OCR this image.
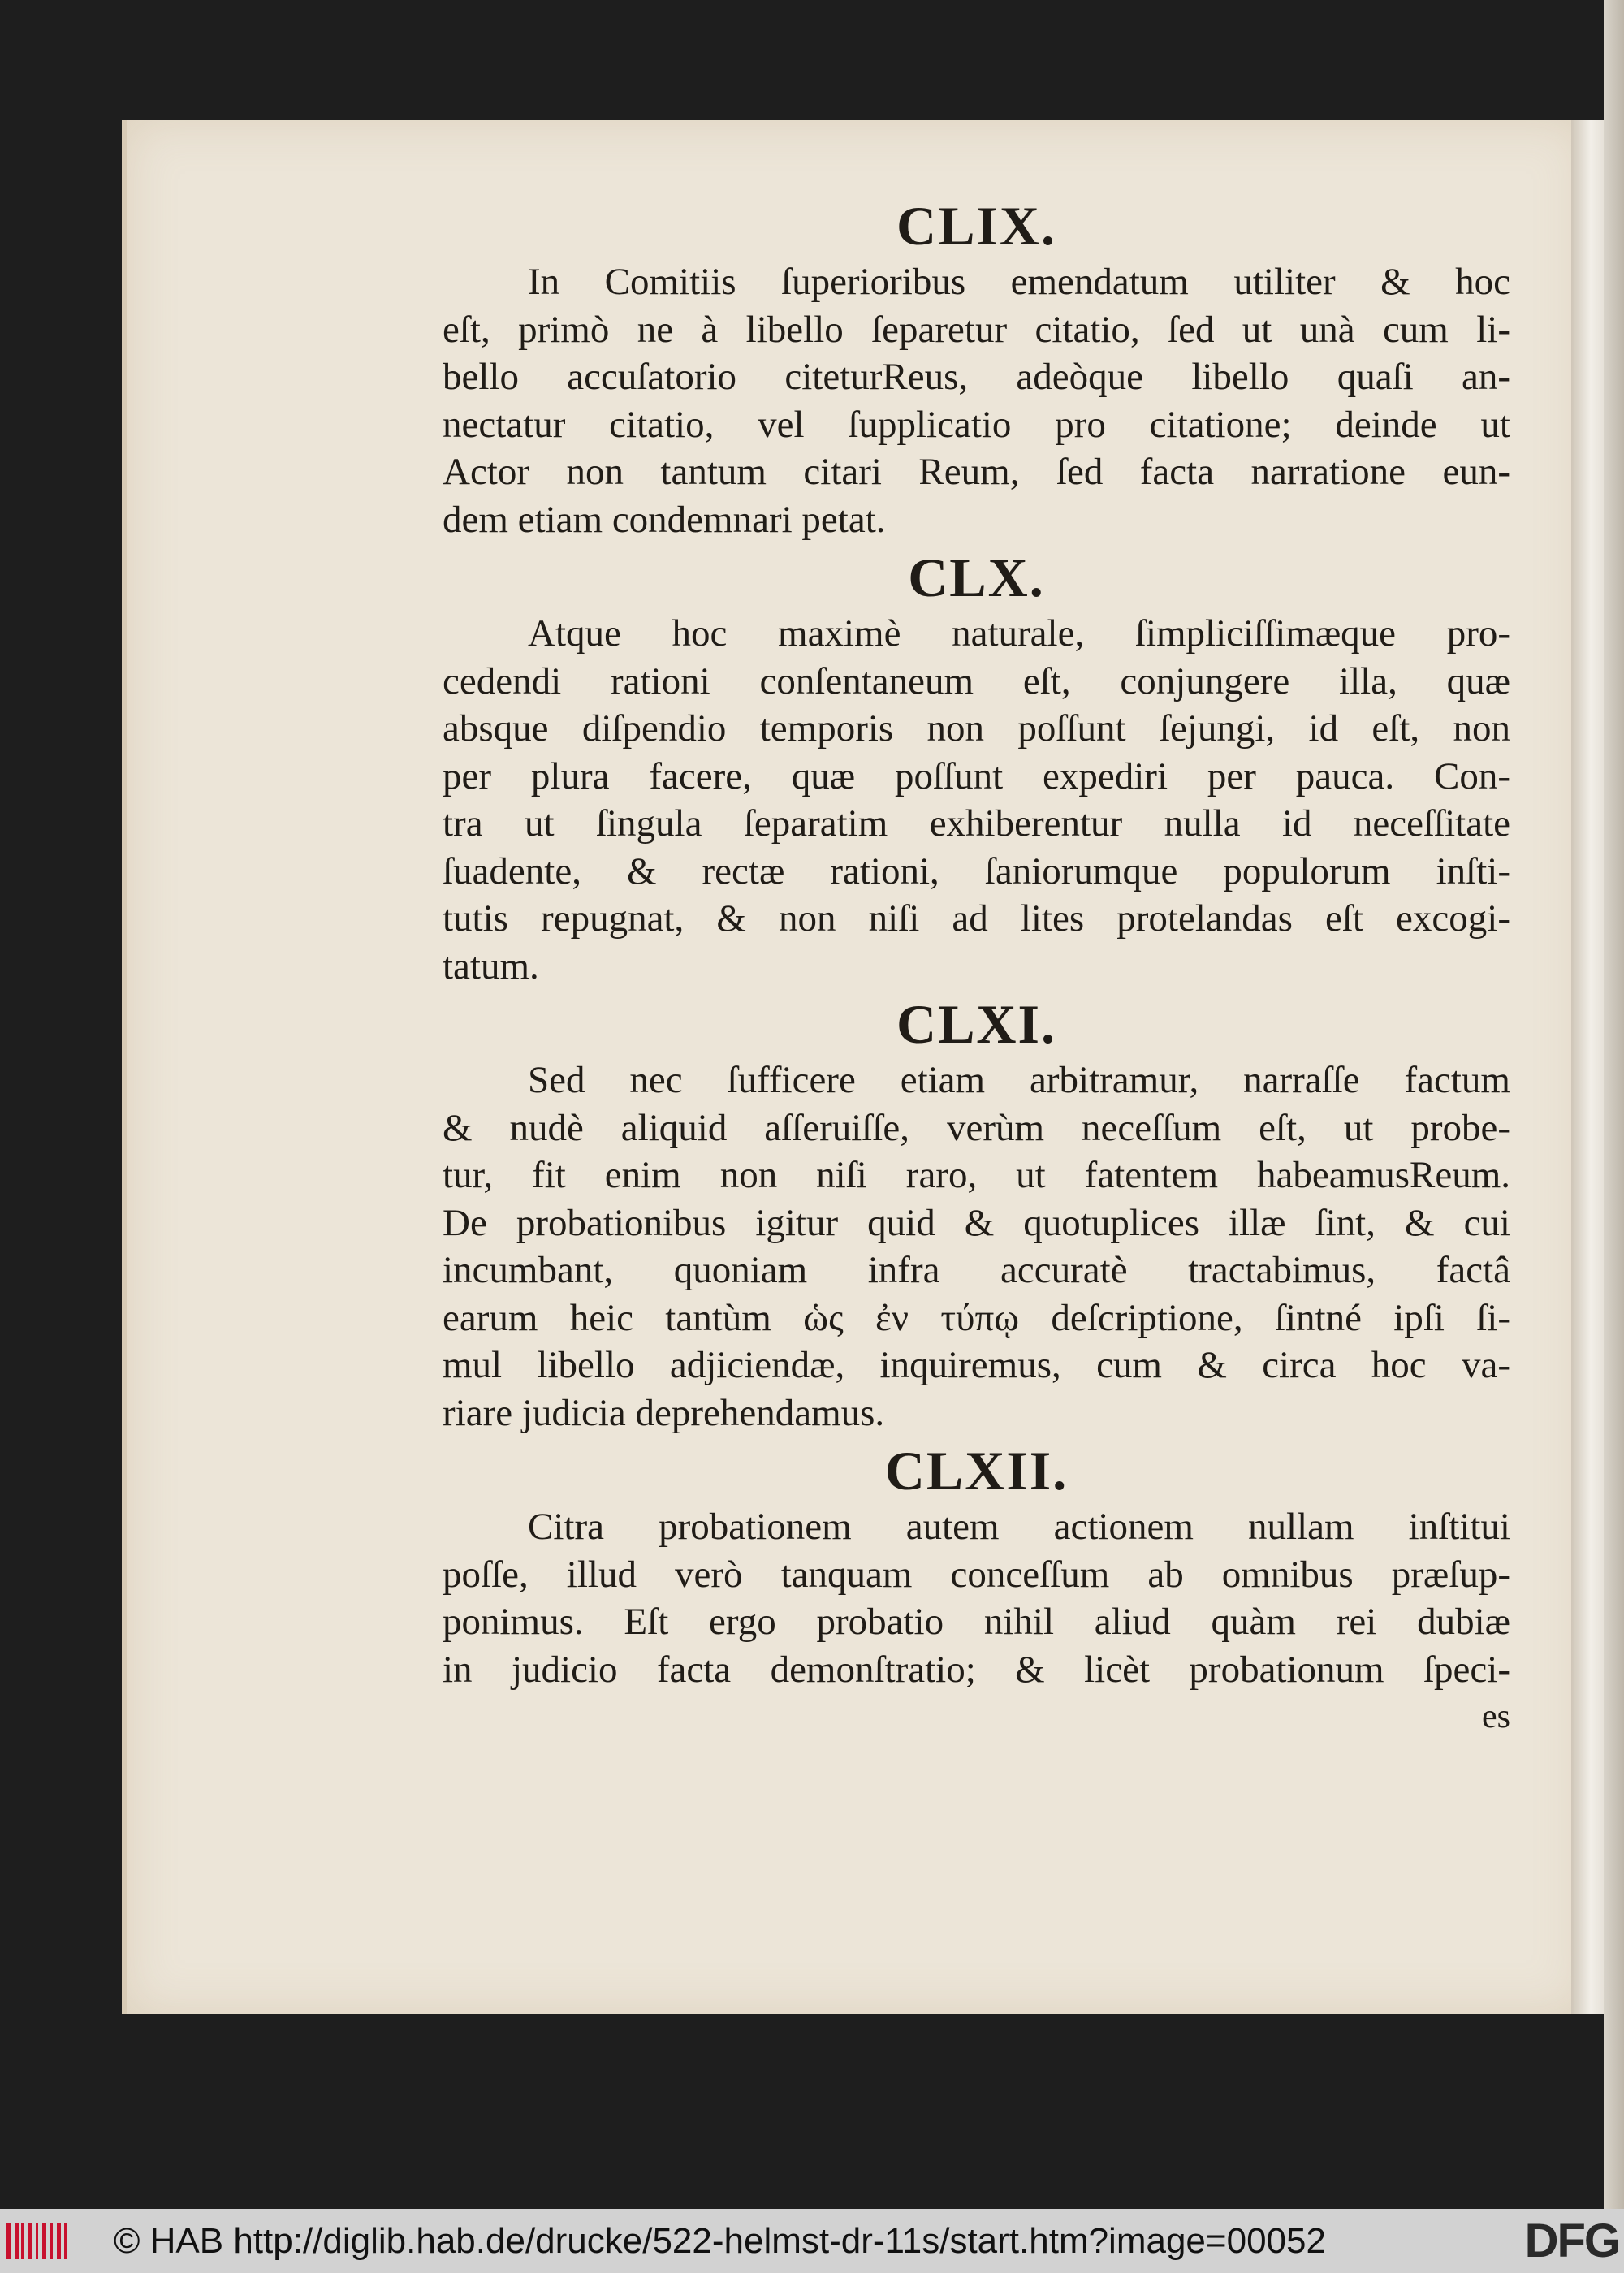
CLIX.
In Comitiis ſuperioribus emendatum utiliter & hoc
eſt, primò ne à libello ſeparetur citatio, ſed ut unà cum li-
bello accuſatorio citeturReus, adeòque libello quaſi an-
nectatur citatio, vel ſupplicatio pro citatione; deinde ut
Actor non tantum citari Reum, ſed facta narratione eun-
dem etiam condemnari petat.
CLX.
Atque hoc maximè naturale, ſimpliciſſimæque pro-
cedendi rationi conſentaneum eſt, conjungere illa, quæ
absque diſpendio temporis non poſſunt ſejungi, id eſt, non
per plura facere, quæ poſſunt expediri per pauca. Con-
tra ut ſingula ſeparatim exhiberentur nulla id neceſſitate
ſuadente, & rectæ rationi, ſaniorumque populorum inſti-
tutis repugnat, & non niſi ad lites protelandas eſt excogi-
tatum.
CLXI.
Sed nec ſufficere etiam arbitramur, narraſſe factum
& nudè aliquid aſſeruiſſe, verùm neceſſum eſt, ut probe-
tur, fit enim non niſi raro, ut fatentem habeamusReum.
De probationibus igitur quid & quotuplices illæ ſint, & cui
incumbant, quoniam infra accuratè tractabimus, factâ
earum heic tantùm ὡς ἐν τύπῳ deſcriptione, ſintné ipſi ſi-
mul libello adjiciendæ, inquiremus, cum & circa hoc va-
riare judicia deprehendamus.
CLXII.
Citra probationem autem actionem nullam inſtitui
poſſe, illud verò tanquam conceſſum ab omnibus præſup-
ponimus. Eſt ergo probatio nihil aliud quàm rei dubiæ
in judicio facta demonſtratio; & licèt probationum ſpeci-

es

© HAB http://diglib.hab.de/drucke/522-helmst-dr-11s/start.htm?image=00052	DFG
